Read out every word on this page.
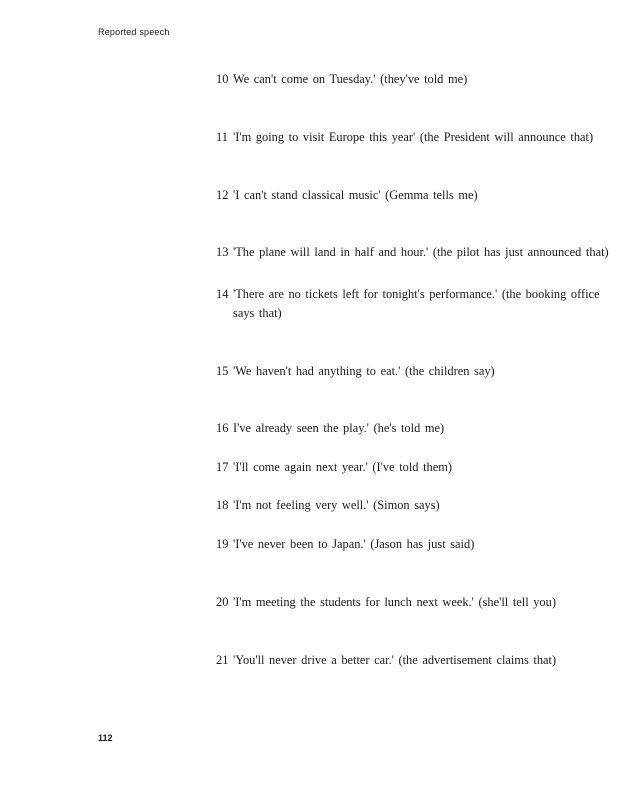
Reported speech
10 We can't come on Tuesday.' (they've told me)
11 'I'm going to visit Europe this year' (the President will announce that)
12 'I can't stand classical music' (Gemma tells me)
13 'The plane will land in half and hour.' (the pilot has just announced that)
14 'There are no tickets left for tonight's performance.' (the booking office
says that)
15 'We haven't had anything to eat.' (the children say)
16 I've already seen the play.' (he's told me)
17 'I'll come again next year.' (I've told them)
18 'I'm not feeling very well.' (Simon says)
19 'I've never been to Japan.' (Jason has just said)
20 'I'm meeting the students for lunch next week.' (she'll tell you)
21 'You'll never drive a better car.' (the advertisement claims that)
112
